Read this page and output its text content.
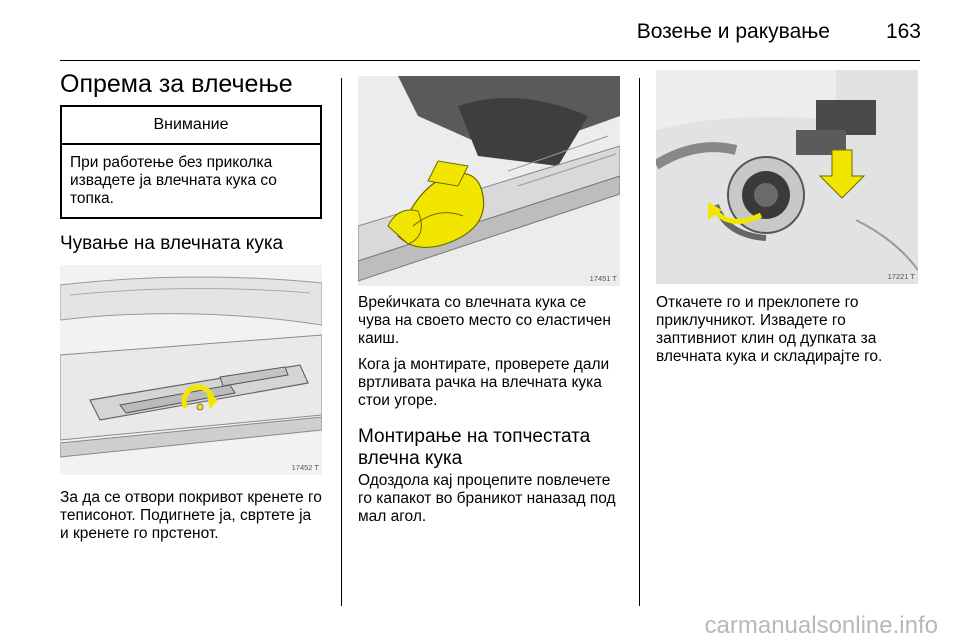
Возење и ракување	163
Опрема за влечење
Внимание
При работење без приколка извадете ја влечната кука со топка.
Чување на влечната кука
17452 T

За да се отвори покривот кренете го теписонот. Подигнете ја, свртете ја и кренете го прстенот.

17451 T

Вреќичката со влечната кука се чува на своето место со еластичен каиш.

Кога ја монтирате, проверете дали вртливата рачка на влечната кука стои угоре.

Монтирање на топчестата влечна кука

Одоздола кај процепите повлечете го капакот во браникот наназад под мал агол.

17221 T

Откачете го и преклопете го приклучникот. Извадете го заптивниот клин од дупката за влечната кука и складирајте го.

carmanualsonline.info
